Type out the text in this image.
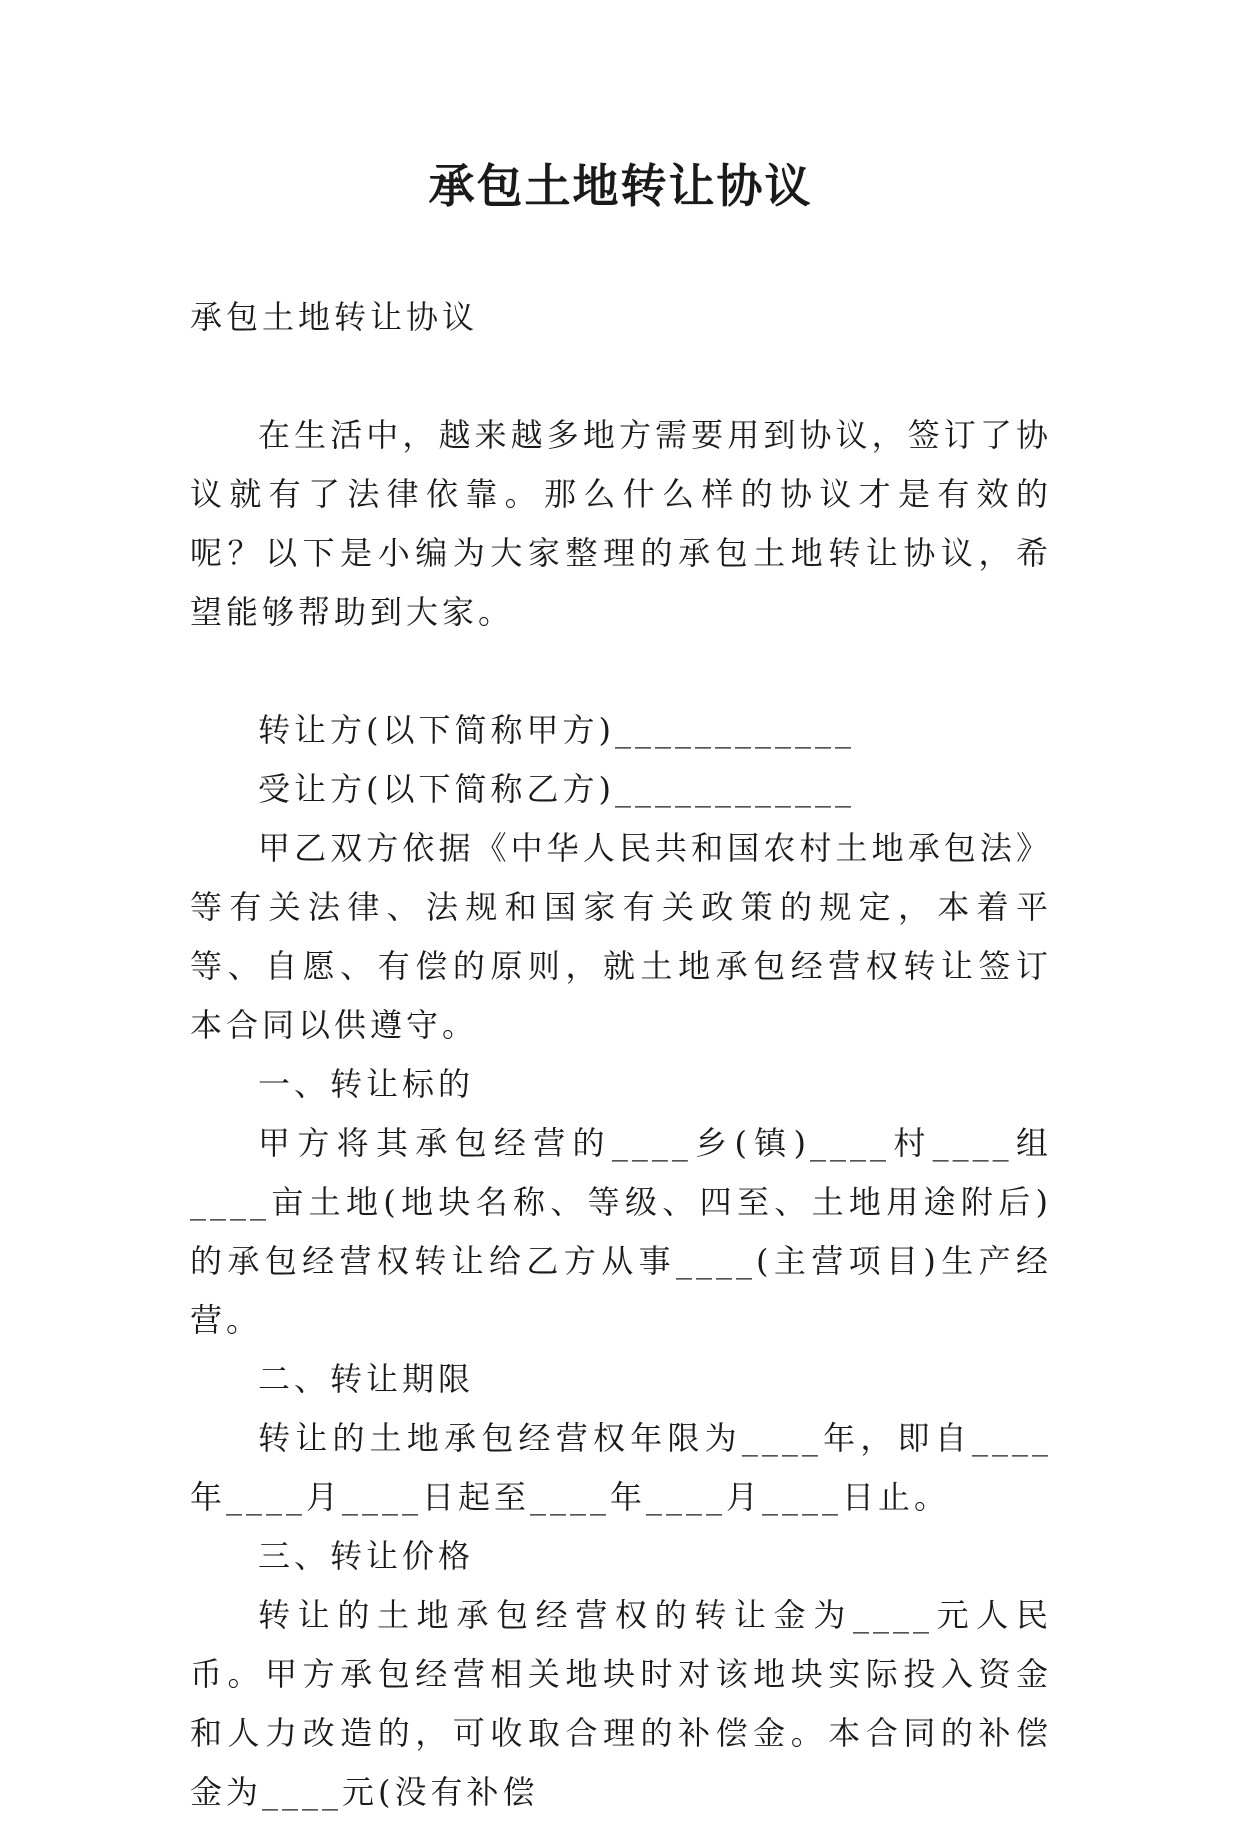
承包土地转让协议

承包土地转让协议

在生活中，越来越多地方需要用到协议，签订了协议就有了法律依靠。那么什么样的协议才是有效的呢？以下是小编为大家整理的承包土地转让协议，希望能够帮助到大家。

转让方(以下简称甲方)____________

受让方(以下简称乙方)____________

甲乙双方依据《中华人民共和国农村土地承包法》等有关法律、法规和国家有关政策的规定，本着平等、自愿、有偿的原则，就土地承包经营权转让签订本合同以供遵守。

一、转让标的

甲方将其承包经营的____乡(镇)____村____组____亩土地(地块名称、等级、四至、土地用途附后)的承包经营权转让给乙方从事____(主营项目)生产经营。

二、转让期限

转让的土地承包经营权年限为____年，即自____年____月____日起至____年____月____日止。

三、转让价格

转让的土地承包经营权的转让金为____元人民币。甲方承包经营相关地块时对该地块实际投入资金和人力改造的，可收取合理的补偿金。本合同的补偿金为____元(没有补偿
